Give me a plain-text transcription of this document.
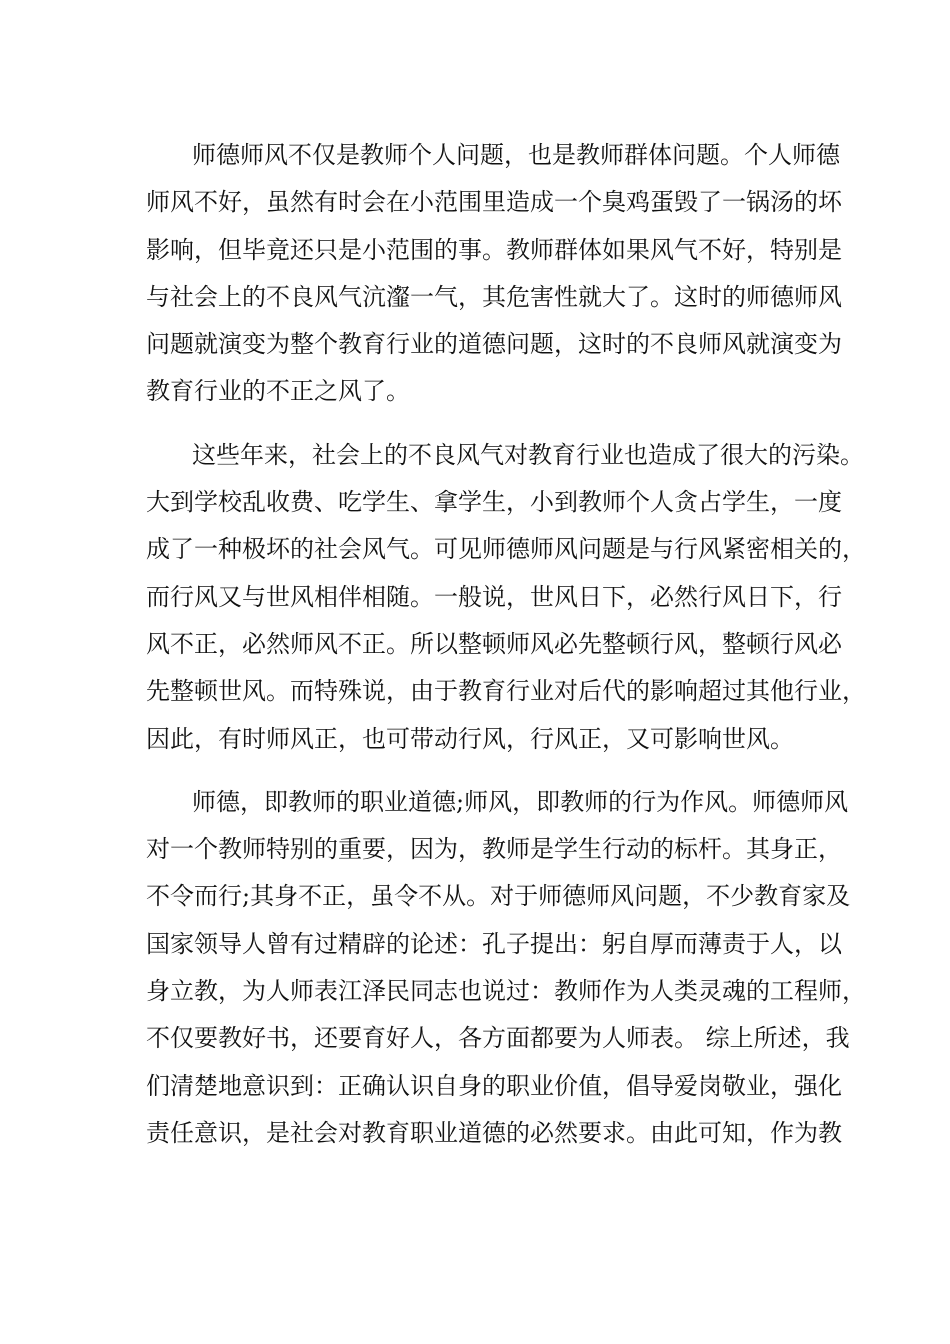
师德师风不仅是教师个人问题，也是教师群体问题。个人师德
师风不好，虽然有时会在小范围里造成一个臭鸡蛋毁了一锅汤的坏
影响，但毕竟还只是小范围的事。教师群体如果风气不好，特别是
与社会上的不良风气沆瀣一气，其危害性就大了。这时的师德师风
问题就演变为整个教育行业的道德问题，这时的不良师风就演变为
教育行业的不正之风了。
这些年来，社会上的不良风气对教育行业也造成了很大的污染。
大到学校乱收费、吃学生、拿学生，小到教师个人贪占学生，一度
成了一种极坏的社会风气。可见师德师风问题是与行风紧密相关的，
而行风又与世风相伴相随。一般说，世风日下，必然行风日下，行
风不正，必然师风不正。所以整顿师风必先整顿行风，整顿行风必
先整顿世风。而特殊说，由于教育行业对后代的影响超过其他行业，
因此，有时师风正，也可带动行风，行风正，又可影响世风。
师德，即教师的职业道德;师风，即教师的行为作风。师德师风
对一个教师特别的重要，因为，教师是学生行动的标杆。其身正，
不令而行;其身不正，虽令不从。对于师德师风问题，不少教育家及
国家领导人曾有过精辟的论述：孔子提出：躬自厚而薄责于人，以
身立教，为人师表江泽民同志也说过：教师作为人类灵魂的工程师，
不仅要教好书，还要育好人，各方面都要为人师表。 综上所述，我
们清楚地意识到：正确认识自身的职业价值，倡导爱岗敬业，强化
责任意识，是社会对教育职业道德的必然要求。由此可知，作为教
